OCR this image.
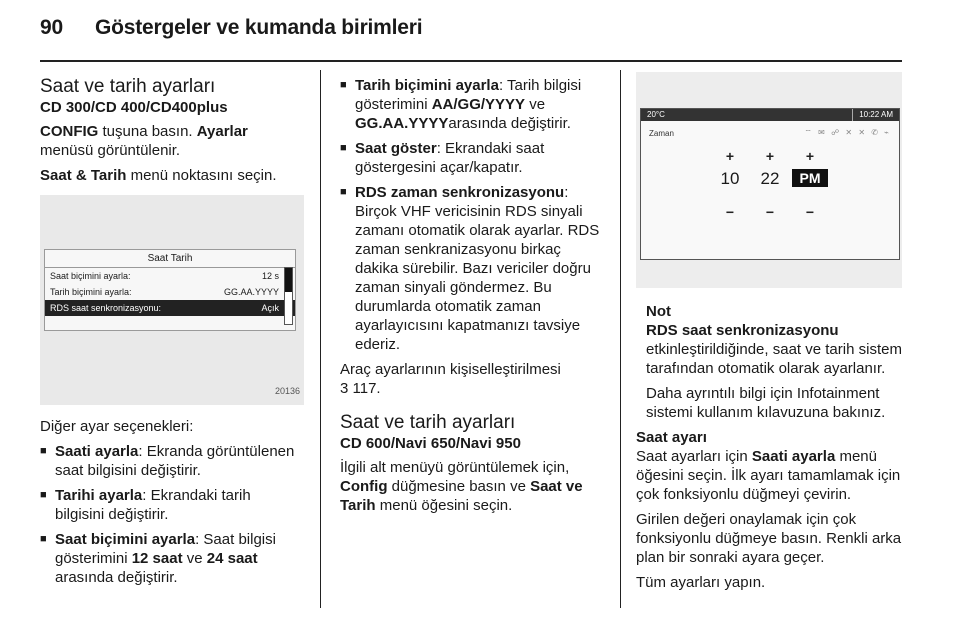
90 Göstergeler ve kumanda birimleri
Saat ve tarih ayarları
CD 300/CD 400/CD400plus

CONFIG tuşuna basın. Ayarlar menüsü görüntülenir.

Saat & Tarih menü noktasını seçin.

Saat Tarih
Saat biçimini ayarla:	12 s
Tarih biçimini ayarla:	GG.AA.YYYY
RDS saat senkronizasyonu:	Açık
20136

Diğer ayar seçenekleri:

■ Saati ayarla: Ekranda görüntülenen saat bilgisini değiştirir.
■ Tarihi ayarla: Ekrandaki tarih bilgisini değiştirir.
■ Saat biçimini ayarla: Saat bilgisi gösterimini 12 saat ve 24 saat arasında değiştirir.
■ Tarih biçimini ayarla: Tarih bilgisi gösterimini AA/GG/YYYY ve GG.AA.YYYYarasında değiştirir.
■ Saat göster: Ekrandaki saat göstergesini açar/kapatır.
■ RDS zaman senkronizasyonu: Birçok VHF vericisinin RDS sinyali zamanı otomatik olarak ayarlar. RDS zaman senkranizasyonu birkaç dakika sürebilir. Bazı vericiler doğru zaman sinyali göndermez. Bu durumlarda otomatik zaman ayarlayıcısını kapatmanızı tavsiye ederiz.

Araç ayarlarının kişiselleştirilmesi
3 117.

Saat ve tarih ayarları
CD 600/Navi 650/Navi 950

İlgili alt menüyü görüntülemek için, Config düğmesine basın ve Saat ve Tarih menü öğesini seçin.

20°C	10:22 AM
Zaman	⌔ ✉ ☍ ✕ ✕ ✆ ⌁
+	+	+
10	22	PM
−	−	−
Not
RDS saat senkronizasyonu

etkinleştirildiğinde, saat ve tarih sistem tarafından otomatik olarak ayarlanır.

Daha ayrıntılı bilgi için Infotainment sistemi kullanım kılavuzuna bakınız.

Saat ayarı

Saat ayarları için Saati ayarla menü öğesini seçin. İlk ayarı tamamlamak için çok fonksiyonlu düğmeyi çevirin.

Girilen değeri onaylamak için çok fonksiyonlu düğmeye basın. Renkli arka plan bir sonraki ayara geçer.

Tüm ayarları yapın.
